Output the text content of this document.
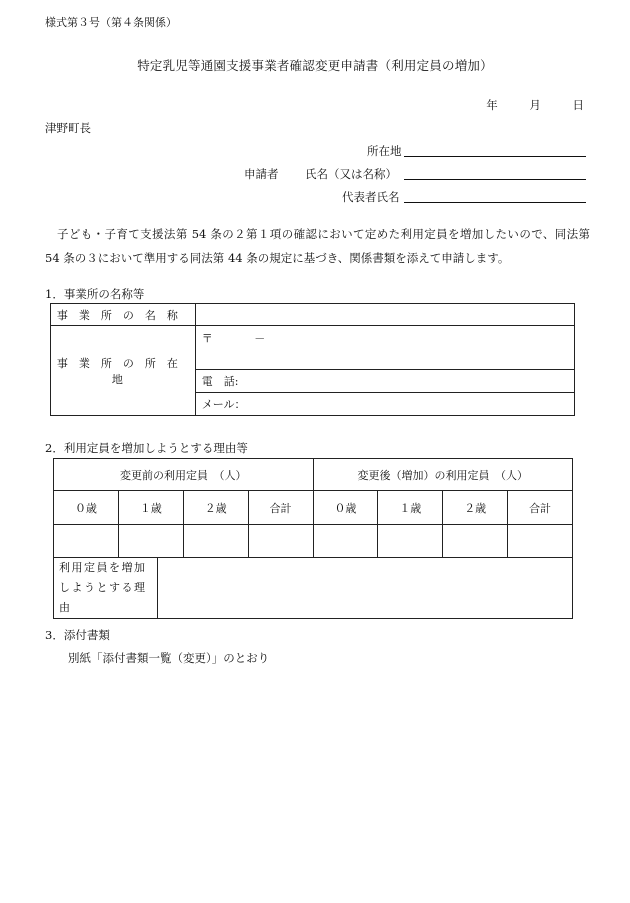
様式第３号（第４条関係）
特定乳児等通園支援事業者確認変更申請書（利用定員の増加）
年	月	日
津野町長
所在地
申請者 氏名（又は名称）
代表者氏名
子ども・子育て支援法第 54 条の２第１項の確認において定めた利用定員を増加したいので、同法第 54 条の３において準用する同法第 44 条の規定に基づき、関係書類を添えて申請します。
1．事業所の名称等
事業所の名称	
事業所の所在地	〒 －
	電　話:
	メール：
2．利用定員を増加しようとする理由等
変更前の利用定員　（人）				変更後（増加）の利用定員　（人）			
０歳	１歳	２歳	合計	０歳	１歳	２歳	合計

利用定員を増加
しようとする理由

3．添付書類
別紙「添付書類一覧（変更）」のとおり
